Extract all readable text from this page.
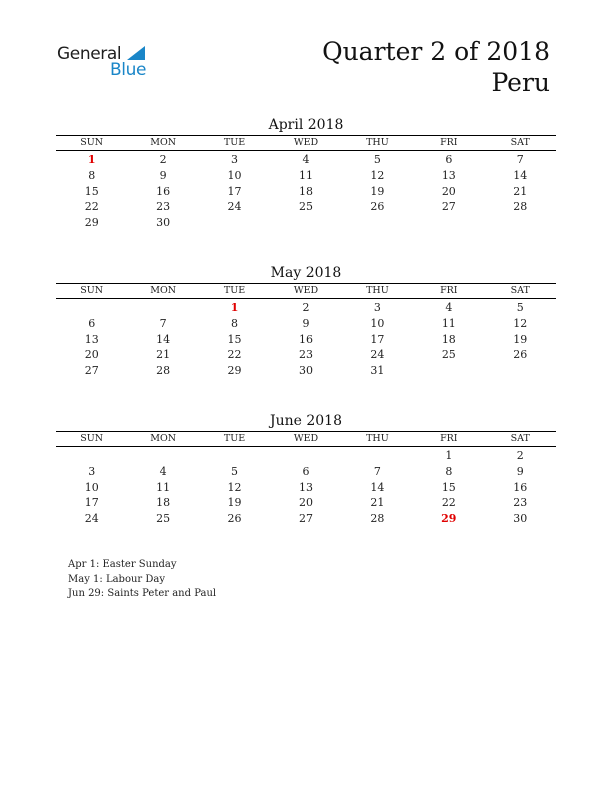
General
Blue
Quarter 2 of 2018
Peru
April 2018
SUN	MON	TUE	WED	THU	FRI	SAT
1	2	3	4	5	6	7
8	9	10	11	12	13	14
15	16	17	18	19	20	21
22	23	24	25	26	27	28
29	30					
May 2018
SUN	MON	TUE	WED	THU	FRI	SAT
		1	2	3	4	5
6	7	8	9	10	11	12
13	14	15	16	17	18	19
20	21	22	23	24	25	26
27	28	29	30	31		
June 2018
SUN	MON	TUE	WED	THU	FRI	SAT
					1	2
3	4	5	6	7	8	9
10	11	12	13	14	15	16
17	18	19	20	21	22	23
24	25	26	27	28	29	30
Apr 1: Easter Sunday
May 1: Labour Day
Jun 29: Saints Peter and Paul
